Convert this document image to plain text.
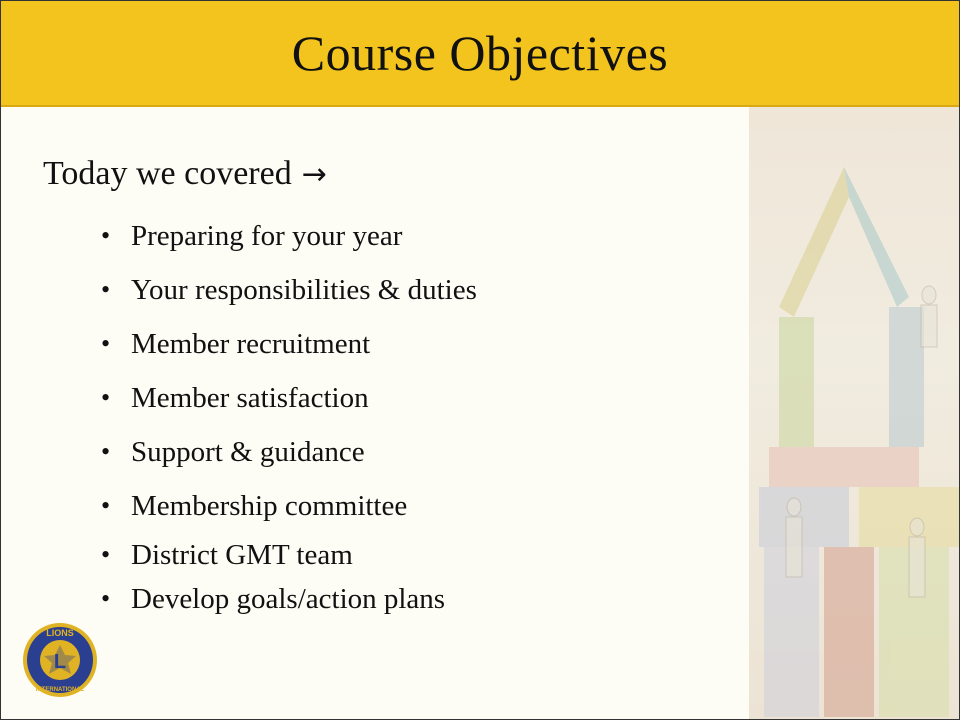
Course Objectives
Today we covered →
• Preparing for your year
• Your responsibilities & duties
• Member recruitment
• Member satisfaction
• Support & guidance
• Membership committee
• District GMT team
• Develop goals/action plans
L
LIONS
INTERNATIONAL
